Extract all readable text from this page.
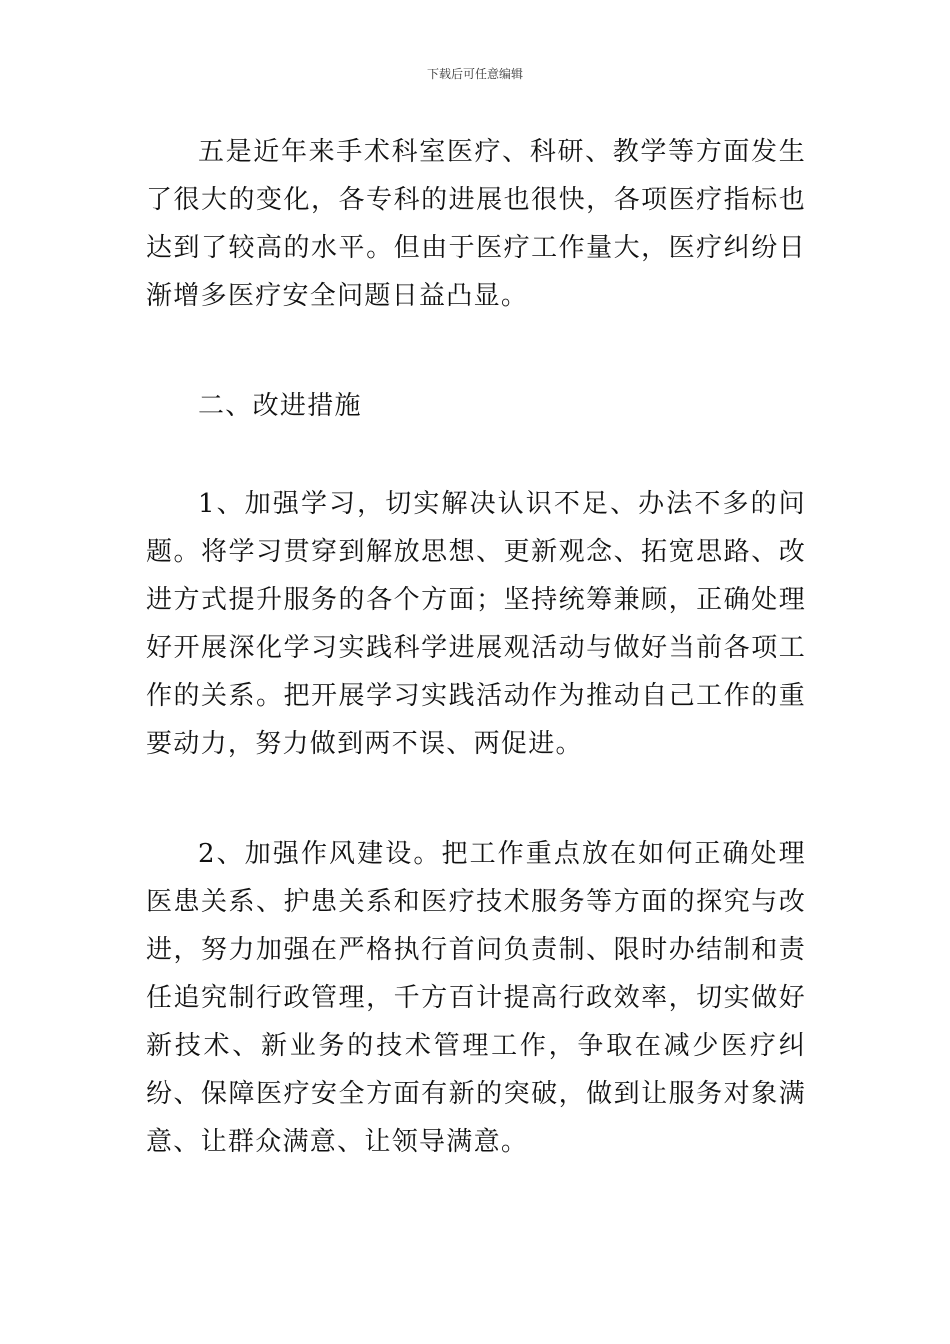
下载后可任意编辑

五是近年来手术科室医疗、科研、教学等方面发生了很大的变化，各专科的进展也很快，各项医疗指标也达到了较高的水平。但由于医疗工作量大，医疗纠纷日渐增多医疗安全问题日益凸显。

二、改进措施

1、加强学习，切实解决认识不足、办法不多的问题。将学习贯穿到解放思想、更新观念、拓宽思路、改进方式提升服务的各个方面；坚持统筹兼顾，正确处理好开展深化学习实践科学进展观活动与做好当前各项工作的关系。把开展学习实践活动作为推动自己工作的重要动力，努力做到两不误、两促进。

2、加强作风建设。把工作重点放在如何正确处理医患关系、护患关系和医疗技术服务等方面的探究与改进，努力加强在严格执行首问负责制、限时办结制和责任追究制行政管理，千方百计提高行政效率，切实做好新技术、新业务的技术管理工作，争取在减少医疗纠纷、保障医疗安全方面有新的突破，做到让服务对象满意、让群众满意、让领导满意。
